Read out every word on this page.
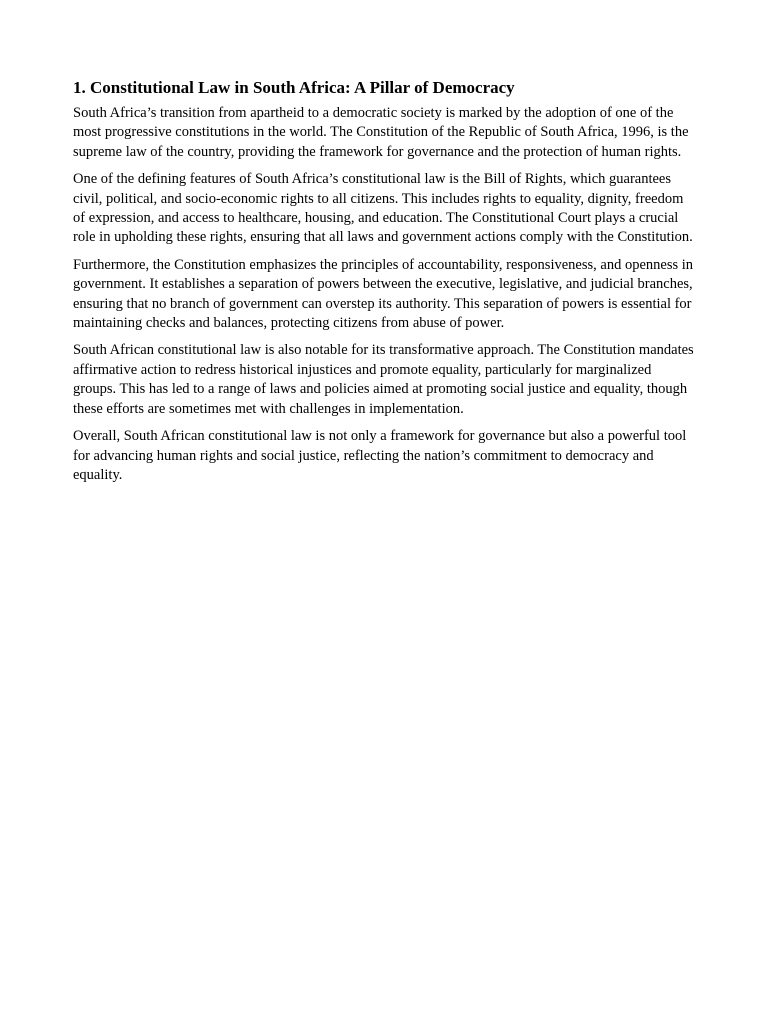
1. Constitutional Law in South Africa: A Pillar of Democracy

South Africa’s transition from apartheid to a democratic society is marked by the adoption of one of the most progressive constitutions in the world. The Constitution of the Republic of South Africa, 1996, is the supreme law of the country, providing the framework for governance and the protection of human rights.

One of the defining features of South Africa’s constitutional law is the Bill of Rights, which guarantees civil, political, and socio-economic rights to all citizens. This includes rights to equality, dignity, freedom of expression, and access to healthcare, housing, and education. The Constitutional Court plays a crucial role in upholding these rights, ensuring that all laws and government actions comply with the Constitution.

Furthermore, the Constitution emphasizes the principles of accountability, responsiveness, and openness in government. It establishes a separation of powers between the executive, legislative, and judicial branches, ensuring that no branch of government can overstep its authority. This separation of powers is essential for maintaining checks and balances, protecting citizens from abuse of power.

South African constitutional law is also notable for its transformative approach. The Constitution mandates affirmative action to redress historical injustices and promote equality, particularly for marginalized groups. This has led to a range of laws and policies aimed at promoting social justice and equality, though these efforts are sometimes met with challenges in implementation.

Overall, South African constitutional law is not only a framework for governance but also a powerful tool for advancing human rights and social justice, reflecting the nation’s commitment to democracy and equality.
